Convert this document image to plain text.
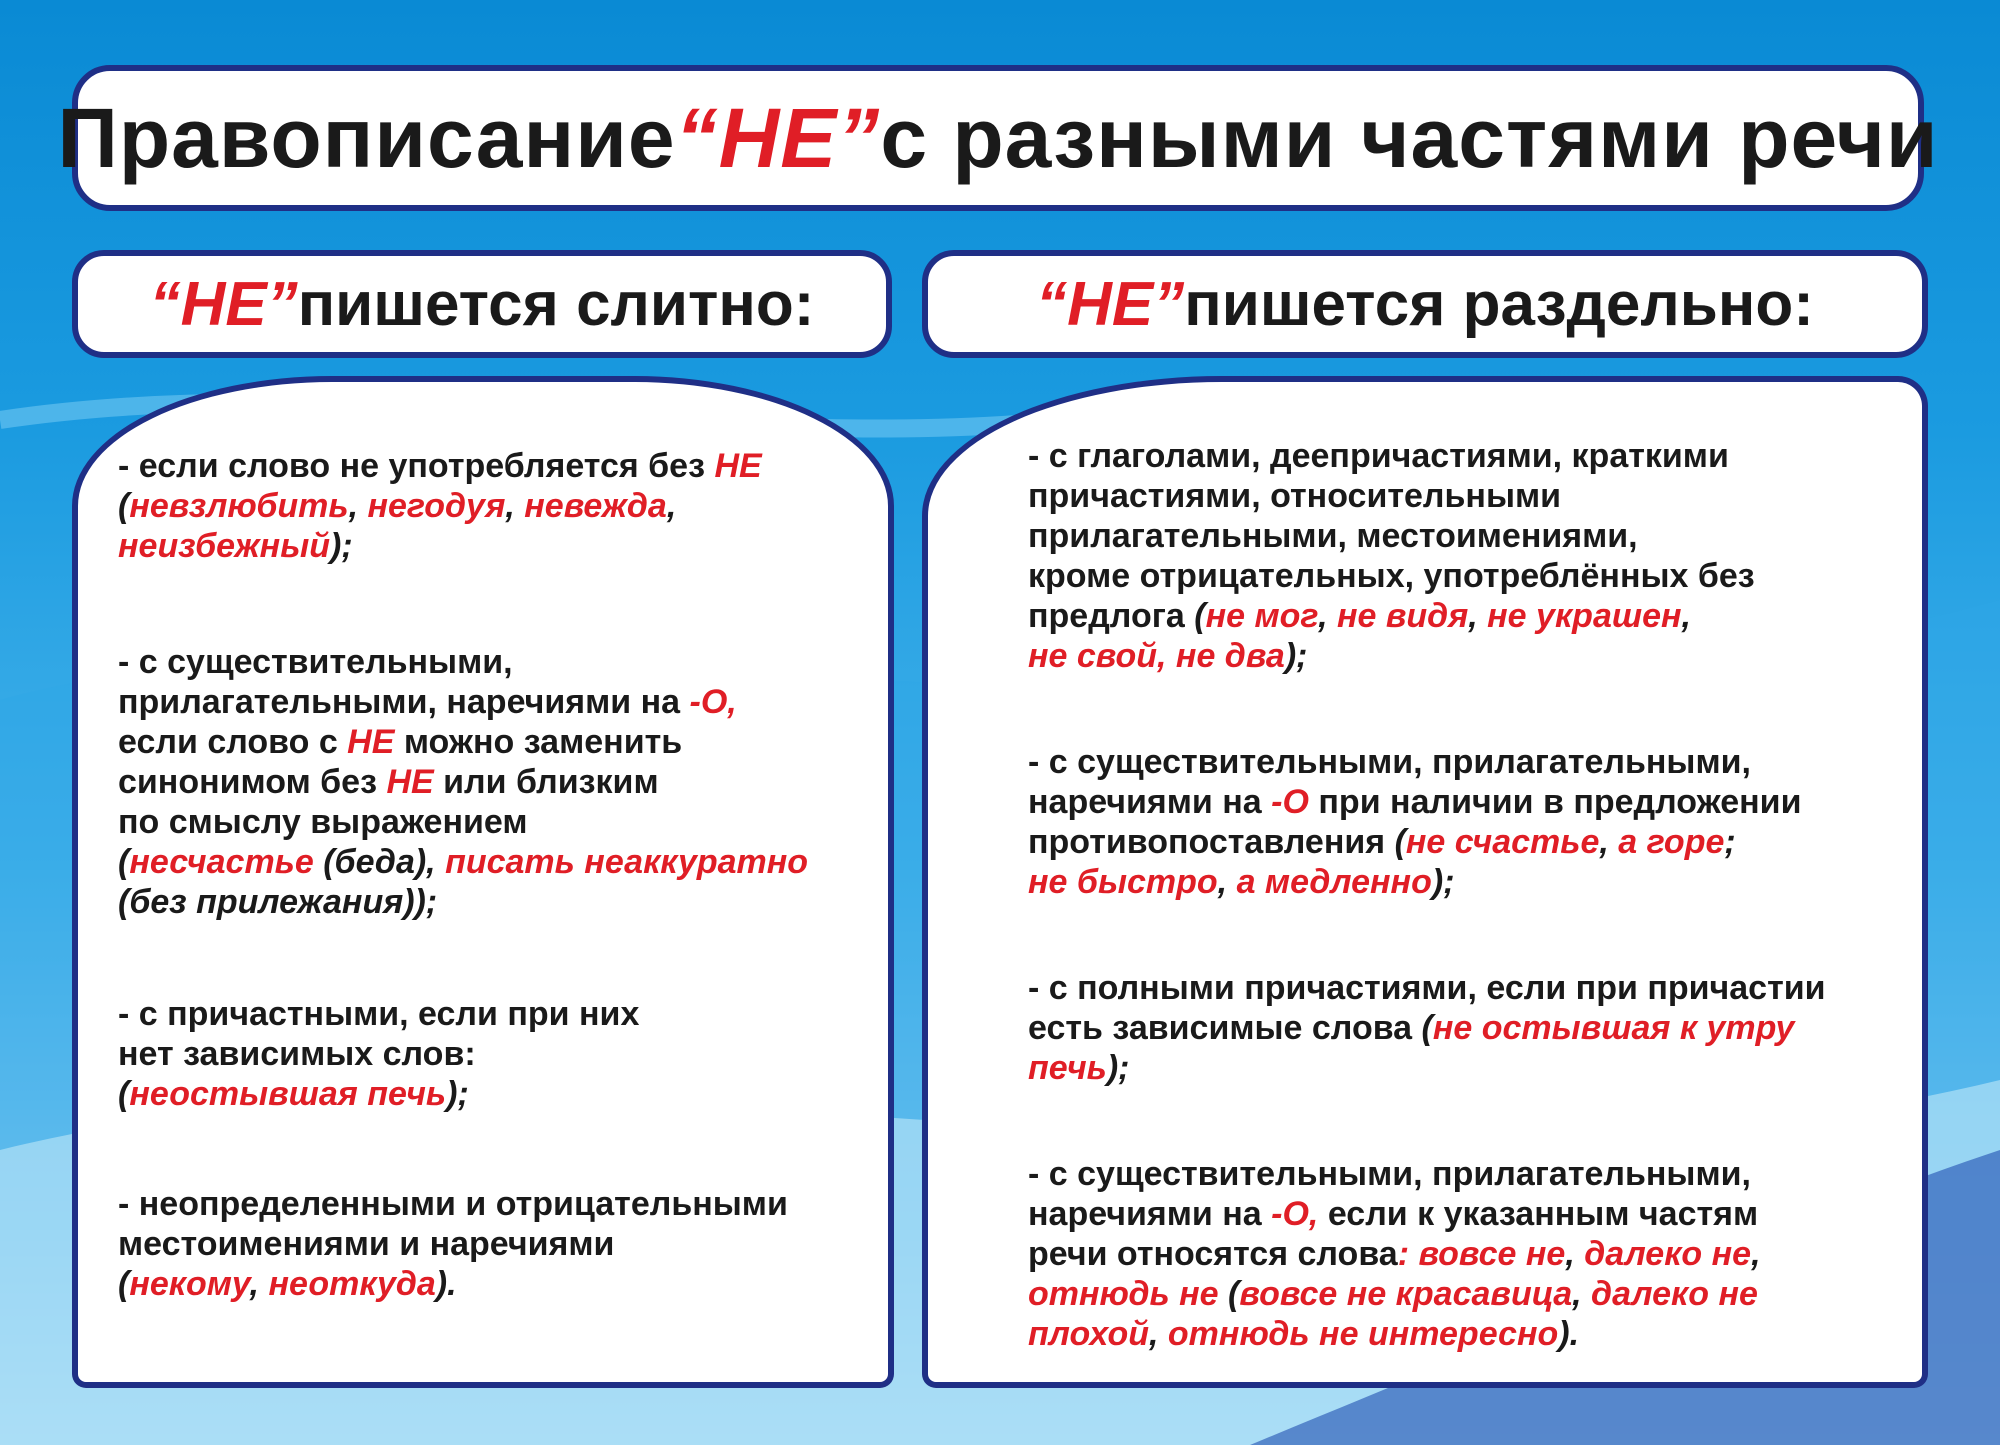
Правописание “НЕ” с разными частями речи
“НЕ” пишется слитно:	“НЕ” пишется раздельно:

- если слово не употребляется без НЕ
(невзлюбить, негодуя, невежда,
неизбежный);

- с существительными,
прилагательными, наречиями на -О,
если слово с НЕ можно заменить
синонимом без НЕ или близким
по смыслу выражением
(несчастье (беда), писать неаккуратно
(без прилежания));

- с причастными, если при них
нет зависимых слов:
(неостывшая печь);

- неопределенными и отрицательными
местоимениями и наречиями
(некому, неоткуда).

- с глаголами, деепричастиями, краткими
причастиями, относительными
прилагательными, местоимениями,
кроме отрицательных, употреблённых без
предлога (не мог, не видя, не украшен,
не свой, не два);

- с существительными, прилагательными,
наречиями на -О при наличии в предложении
противопоставления (не счастье, а горе;
не быстро, а медленно);

- с полными причастиями, если при причастии
есть зависимые слова (не остывшая к утру
печь);

- с существительными, прилагательными,
наречиями на -О, если к указанным частям
речи относятся слова: вовсе не, далеко не,
отнюдь не (вовсе не красавица, далеко не
плохой, отнюдь не интересно).
